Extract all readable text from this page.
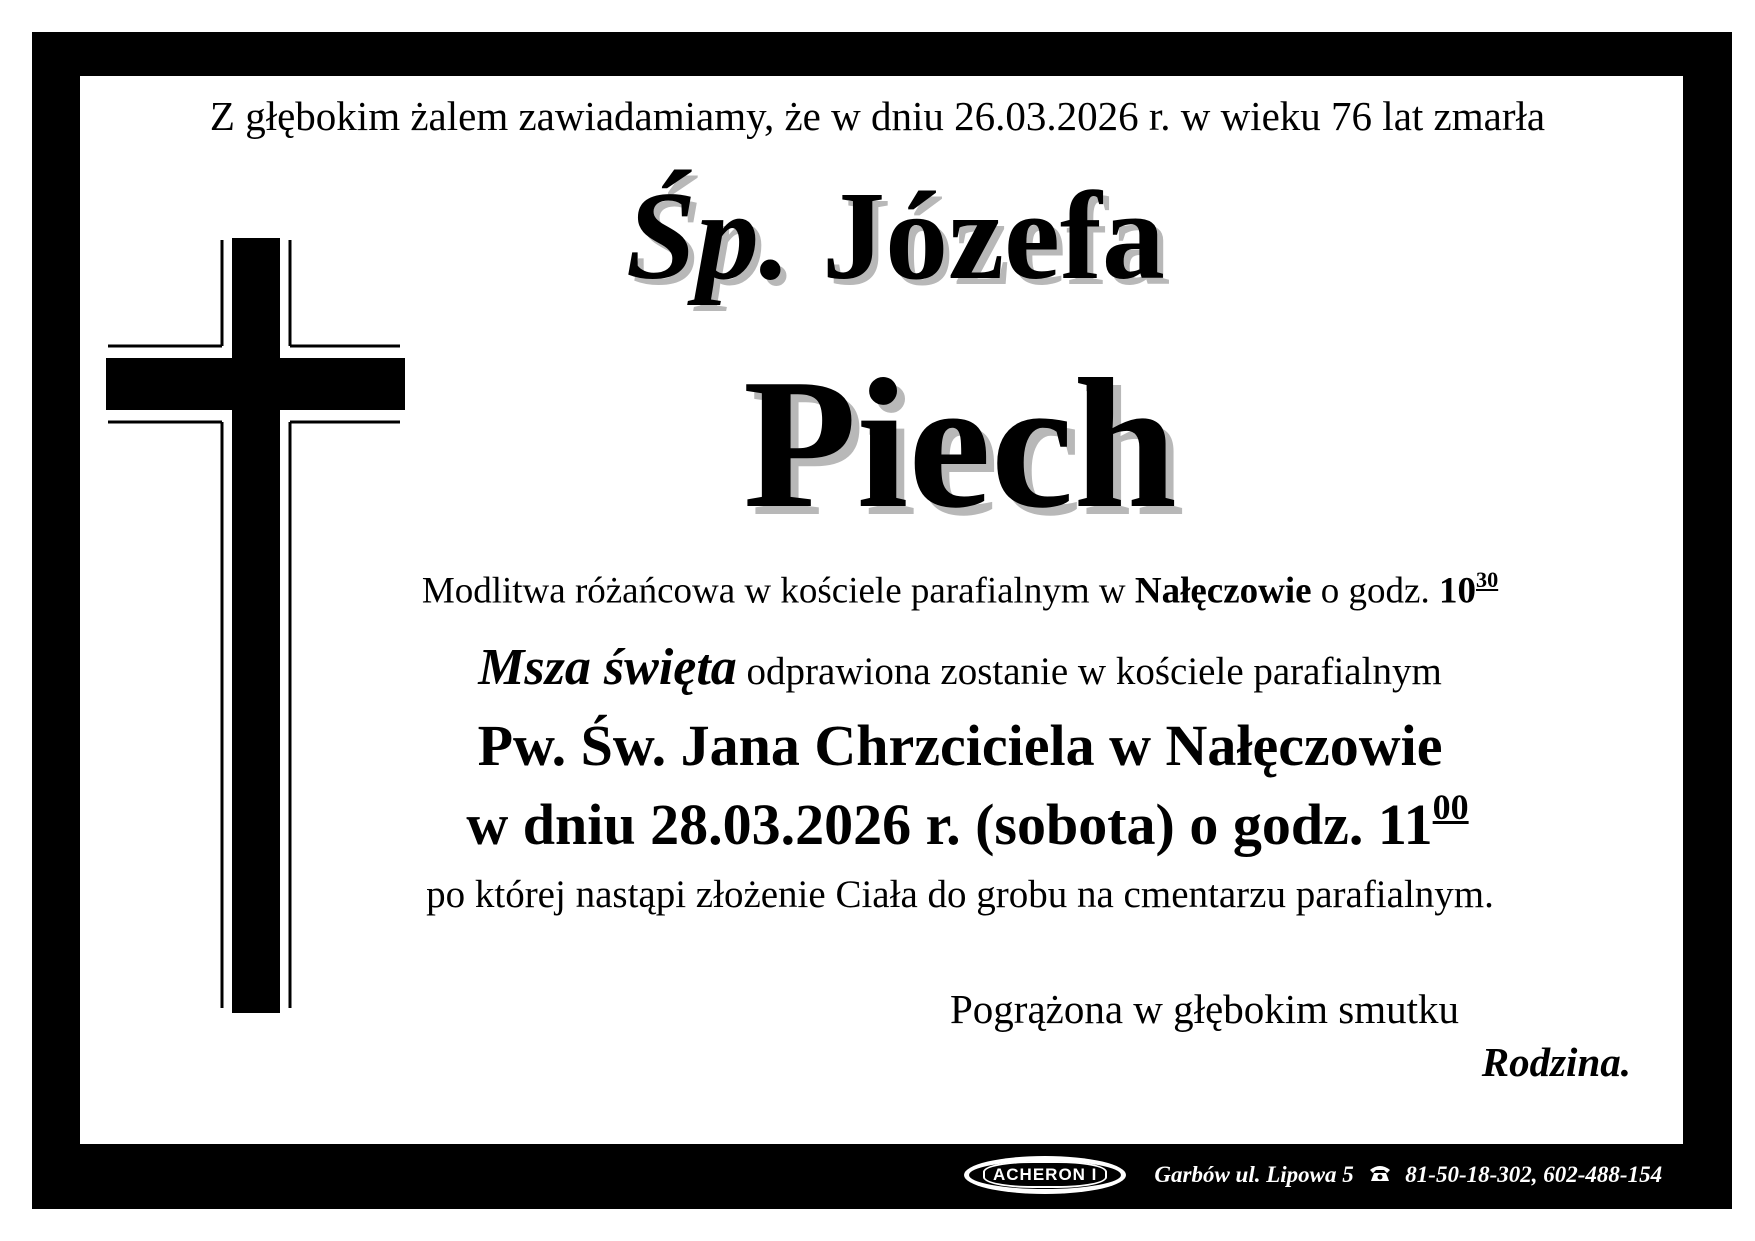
Z głębokim żalem zawiadamiamy, że w dniu 26.03.2026 r. w wieku 76 lat zmarła
Śp. Józefa
Piech
Modlitwa różańcowa w kościele parafialnym w Nałęczowie o godz. $10^{30}$
Msza święta odprawiona zostanie w kościele parafialnym
Pw. Św. Jana Chrzciciela w Nałęczowie
w dniu 28.03.2026 r. (sobota) o godz. $11^{00}$
po której nastąpi złożenie Ciała do grobu na cmentarzu parafialnym.
Pogrążona w głębokim smutku
Rodzina.
ACHERON I	Garbów ul. Lipowa 5 81-50-18-302, 602-488-154
